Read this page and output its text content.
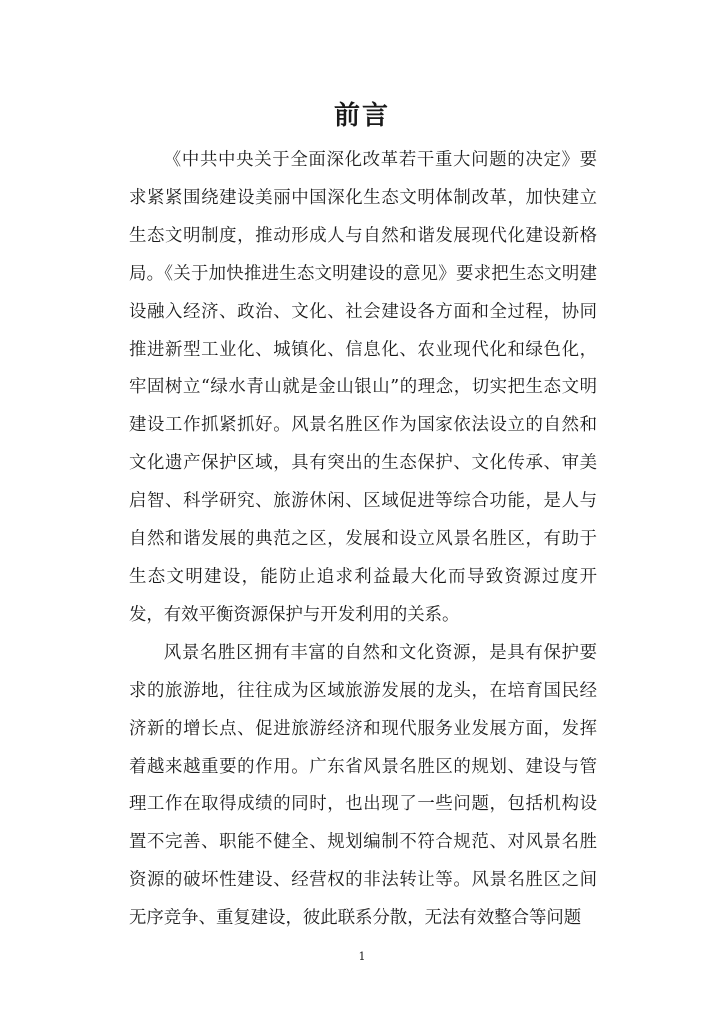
前言

《中共中央关于全面深化改革若干重大问题的决定》要求紧紧围绕建设美丽中国深化生态文明体制改革，加快建立生态文明制度，推动形成人与自然和谐发展现代化建设新格局。《关于加快推进生态文明建设的意见》要求把生态文明建设融入经济、政治、文化、社会建设各方面和全过程，协同推进新型工业化、城镇化、信息化、农业现代化和绿色化，牢固树立“绿水青山就是金山银山”的理念，切实把生态文明建设工作抓紧抓好。风景名胜区作为国家依法设立的自然和文化遗产保护区域，具有突出的生态保护、文化传承、审美启智、科学研究、旅游休闲、区域促进等综合功能，是人与自然和谐发展的典范之区，发展和设立风景名胜区，有助于生态文明建设，能防止追求利益最大化而导致资源过度开发，有效平衡资源保护与开发利用的关系。

风景名胜区拥有丰富的自然和文化资源，是具有保护要求的旅游地，往往成为区域旅游发展的龙头，在培育国民经济新的增长点、促进旅游经济和现代服务业发展方面，发挥着越来越重要的作用。广东省风景名胜区的规划、建设与管理工作在取得成绩的同时，也出现了一些问题，包括机构设置不完善、职能不健全、规划编制不符合规范、对风景名胜资源的破坏性建设、经营权的非法转让等。风景名胜区之间无序竞争、重复建设，彼此联系分散，无法有效整合等问题

1
